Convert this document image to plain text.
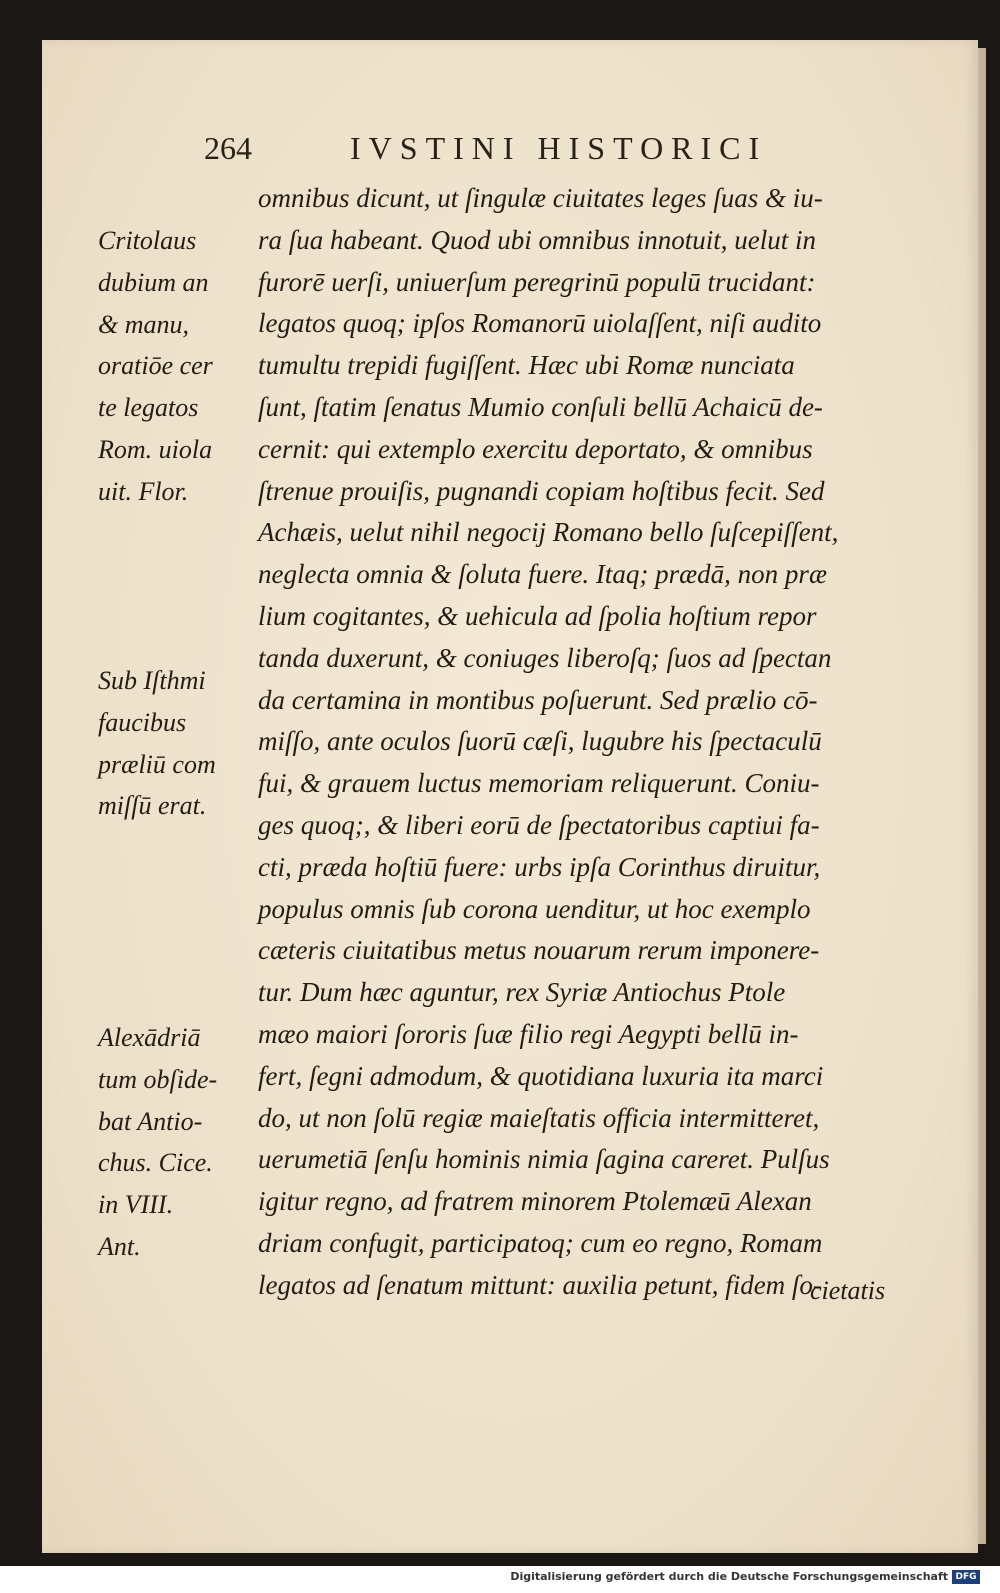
264	IVSTINI HISTORICI
omnibus dicunt, ut ſingulæ ciuitates leges ſuas & iu-
ra ſua habeant. Quod ubi omnibus innotuit, uelut in
furorē uerſi, uniuerſum peregrinū populū trucidant:
legatos quoq; ipſos Romanorū uiolaſſent, niſi audito
tumultu trepidi fugiſſent. Hæc ubi Romæ nunciata
ſunt, ſtatim ſenatus Mumio conſuli bellū Achaicū de-
cernit: qui extemplo exercitu deportato, & omnibus
ſtrenue prouiſis, pugnandi copiam hoſtibus fecit. Sed
Achæis, uelut nihil negocij Romano bello ſuſcepiſſent,
neglecta omnia & ſoluta fuere. Itaq; prædā, non præ
lium cogitantes, & uehicula ad ſpolia hoſtium repor
tanda duxerunt, & coniuges liberoſq; ſuos ad ſpectan
da certamina in montibus poſuerunt. Sed prælio cō-
miſſo, ante oculos ſuorū cæſi, lugubre his ſpectaculū
fui, & grauem luctus memoriam reliquerunt. Coniu-
ges quoq;, & liberi eorū de ſpectatoribus captiui fa-
cti, præda hoſtiū fuere: urbs ipſa Corinthus diruitur,
populus omnis ſub corona uenditur, ut hoc exemplo
cæteris ciuitatibus metus nouarum rerum imponere-
tur. Dum hæc aguntur, rex Syriæ Antiochus Ptole
mæo maiori ſororis ſuæ filio regi Aegypti bellū in-
fert, ſegni admodum, & quotidiana luxuria ita marci
do, ut non ſolū regiæ maieſtatis officia intermitteret,
uerumetiā ſenſu hominis nimia ſagina careret. Pulſus
igitur regno, ad fratrem minorem Ptolemæū Alexan
driam confugit, participatoq; cum eo regno, Romam
legatos ad ſenatum mittunt: auxilia petunt, fidem ſo-
Critolaus
dubium an
& manu,
oratiōe cer
te legatos
Rom. uiola
uit. Flor.
Sub Iſthmi
faucibus
præliū com
miſſū erat.
Alexādriā
tum obſide-
bat Antio-
chus. Cice.
in VIII.
Ant.
cietatis
Digitalisierung gefördert durch die Deutsche Forschungsgemeinschaft DFG
